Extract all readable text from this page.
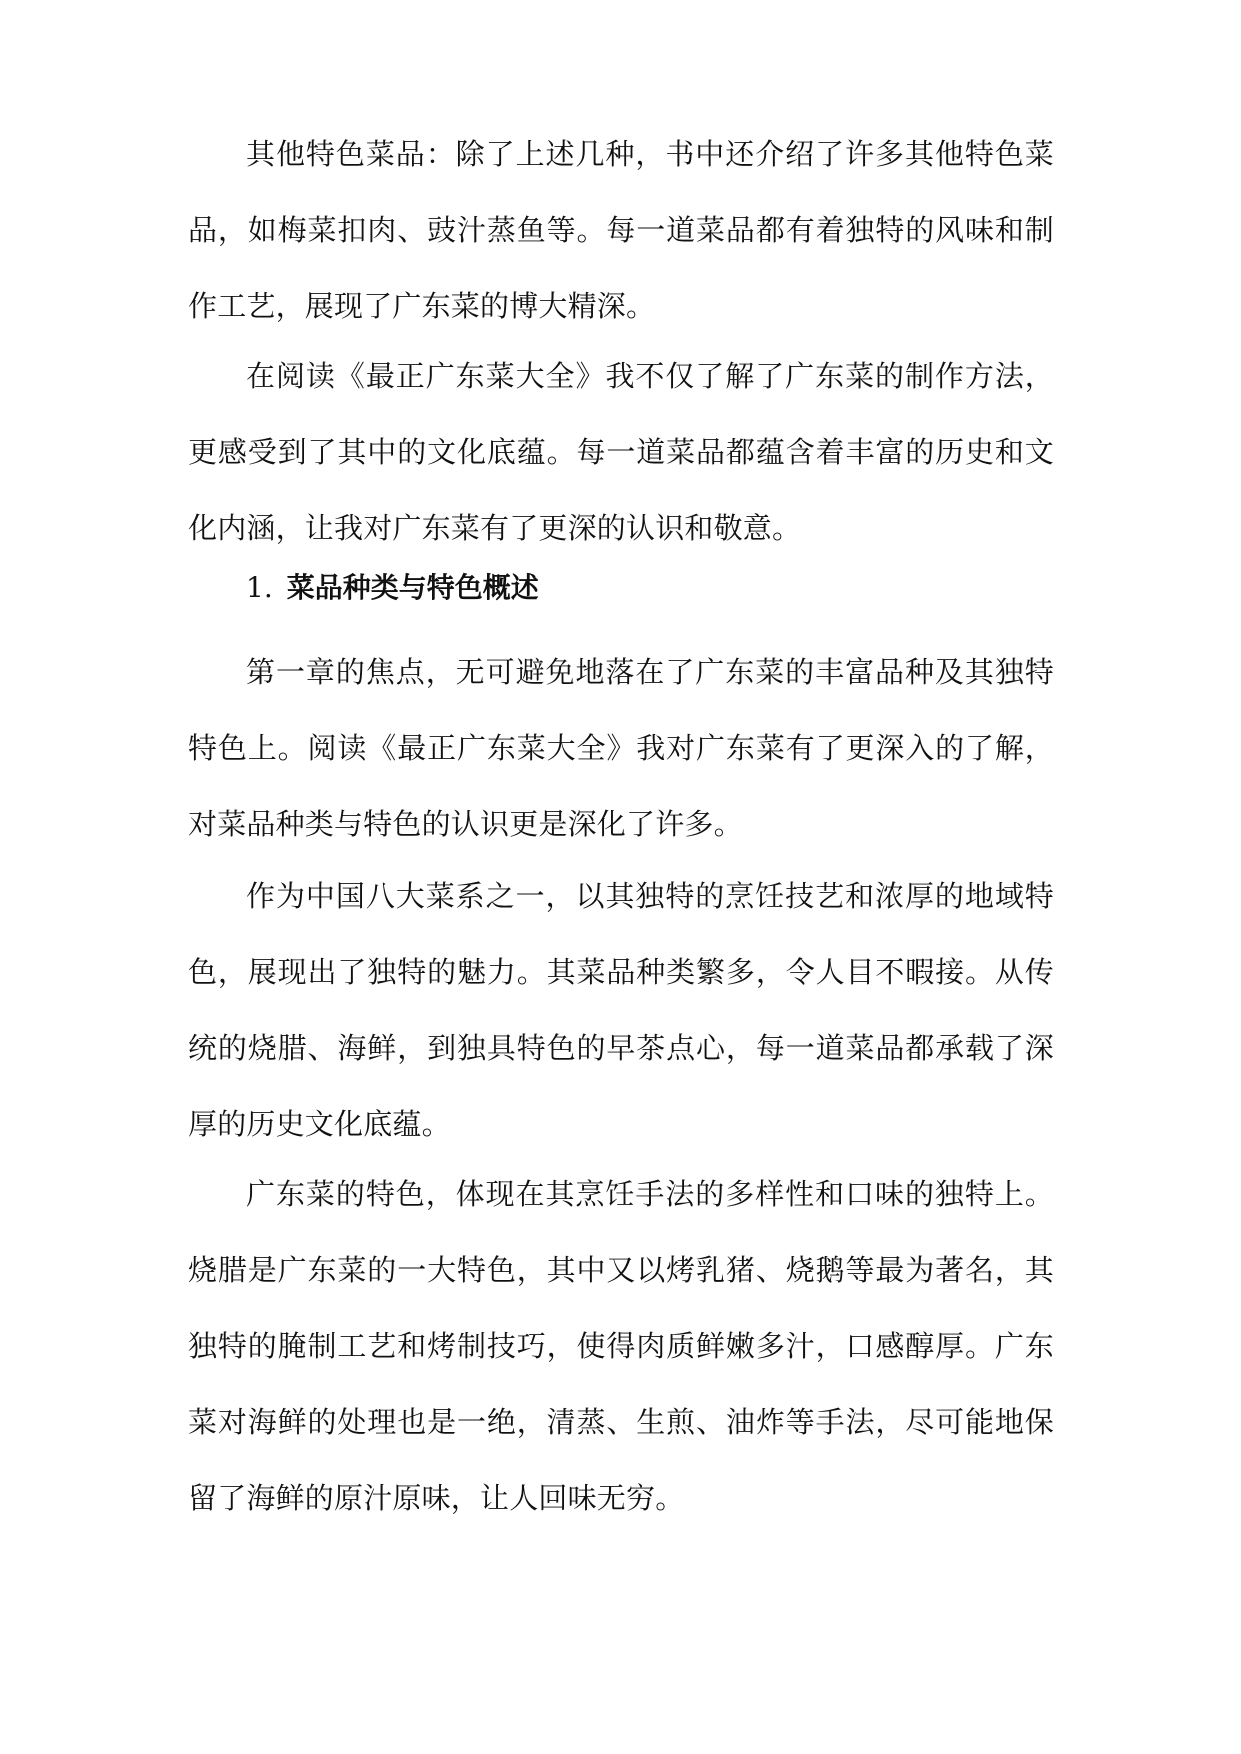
其他特色菜品：除了上述几种，书中还介绍了许多其他特色菜品，如梅菜扣肉、豉汁蒸鱼等。每一道菜品都有着独特的风味和制作工艺，展现了广东菜的博大精深。

在阅读《最正广东菜大全》我不仅了解了广东菜的制作方法，更感受到了其中的文化底蕴。每一道菜品都蕴含着丰富的历史和文化内涵，让我对广东菜有了更深的认识和敬意。

1. 菜品种类与特色概述

第一章的焦点，无可避免地落在了广东菜的丰富品种及其独特特色上。阅读《最正广东菜大全》我对广东菜有了更深入的了解，对菜品种类与特色的认识更是深化了许多。

作为中国八大菜系之一，以其独特的烹饪技艺和浓厚的地域特色，展现出了独特的魅力。其菜品种类繁多，令人目不暇接。从传统的烧腊、海鲜，到独具特色的早茶点心，每一道菜品都承载了深厚的历史文化底蕴。

广东菜的特色，体现在其烹饪手法的多样性和口味的独特上。烧腊是广东菜的一大特色，其中又以烤乳猪、烧鹅等最为著名，其独特的腌制工艺和烤制技巧，使得肉质鲜嫩多汁，口感醇厚。广东菜对海鲜的处理也是一绝，清蒸、生煎、油炸等手法，尽可能地保留了海鲜的原汁原味，让人回味无穷。
